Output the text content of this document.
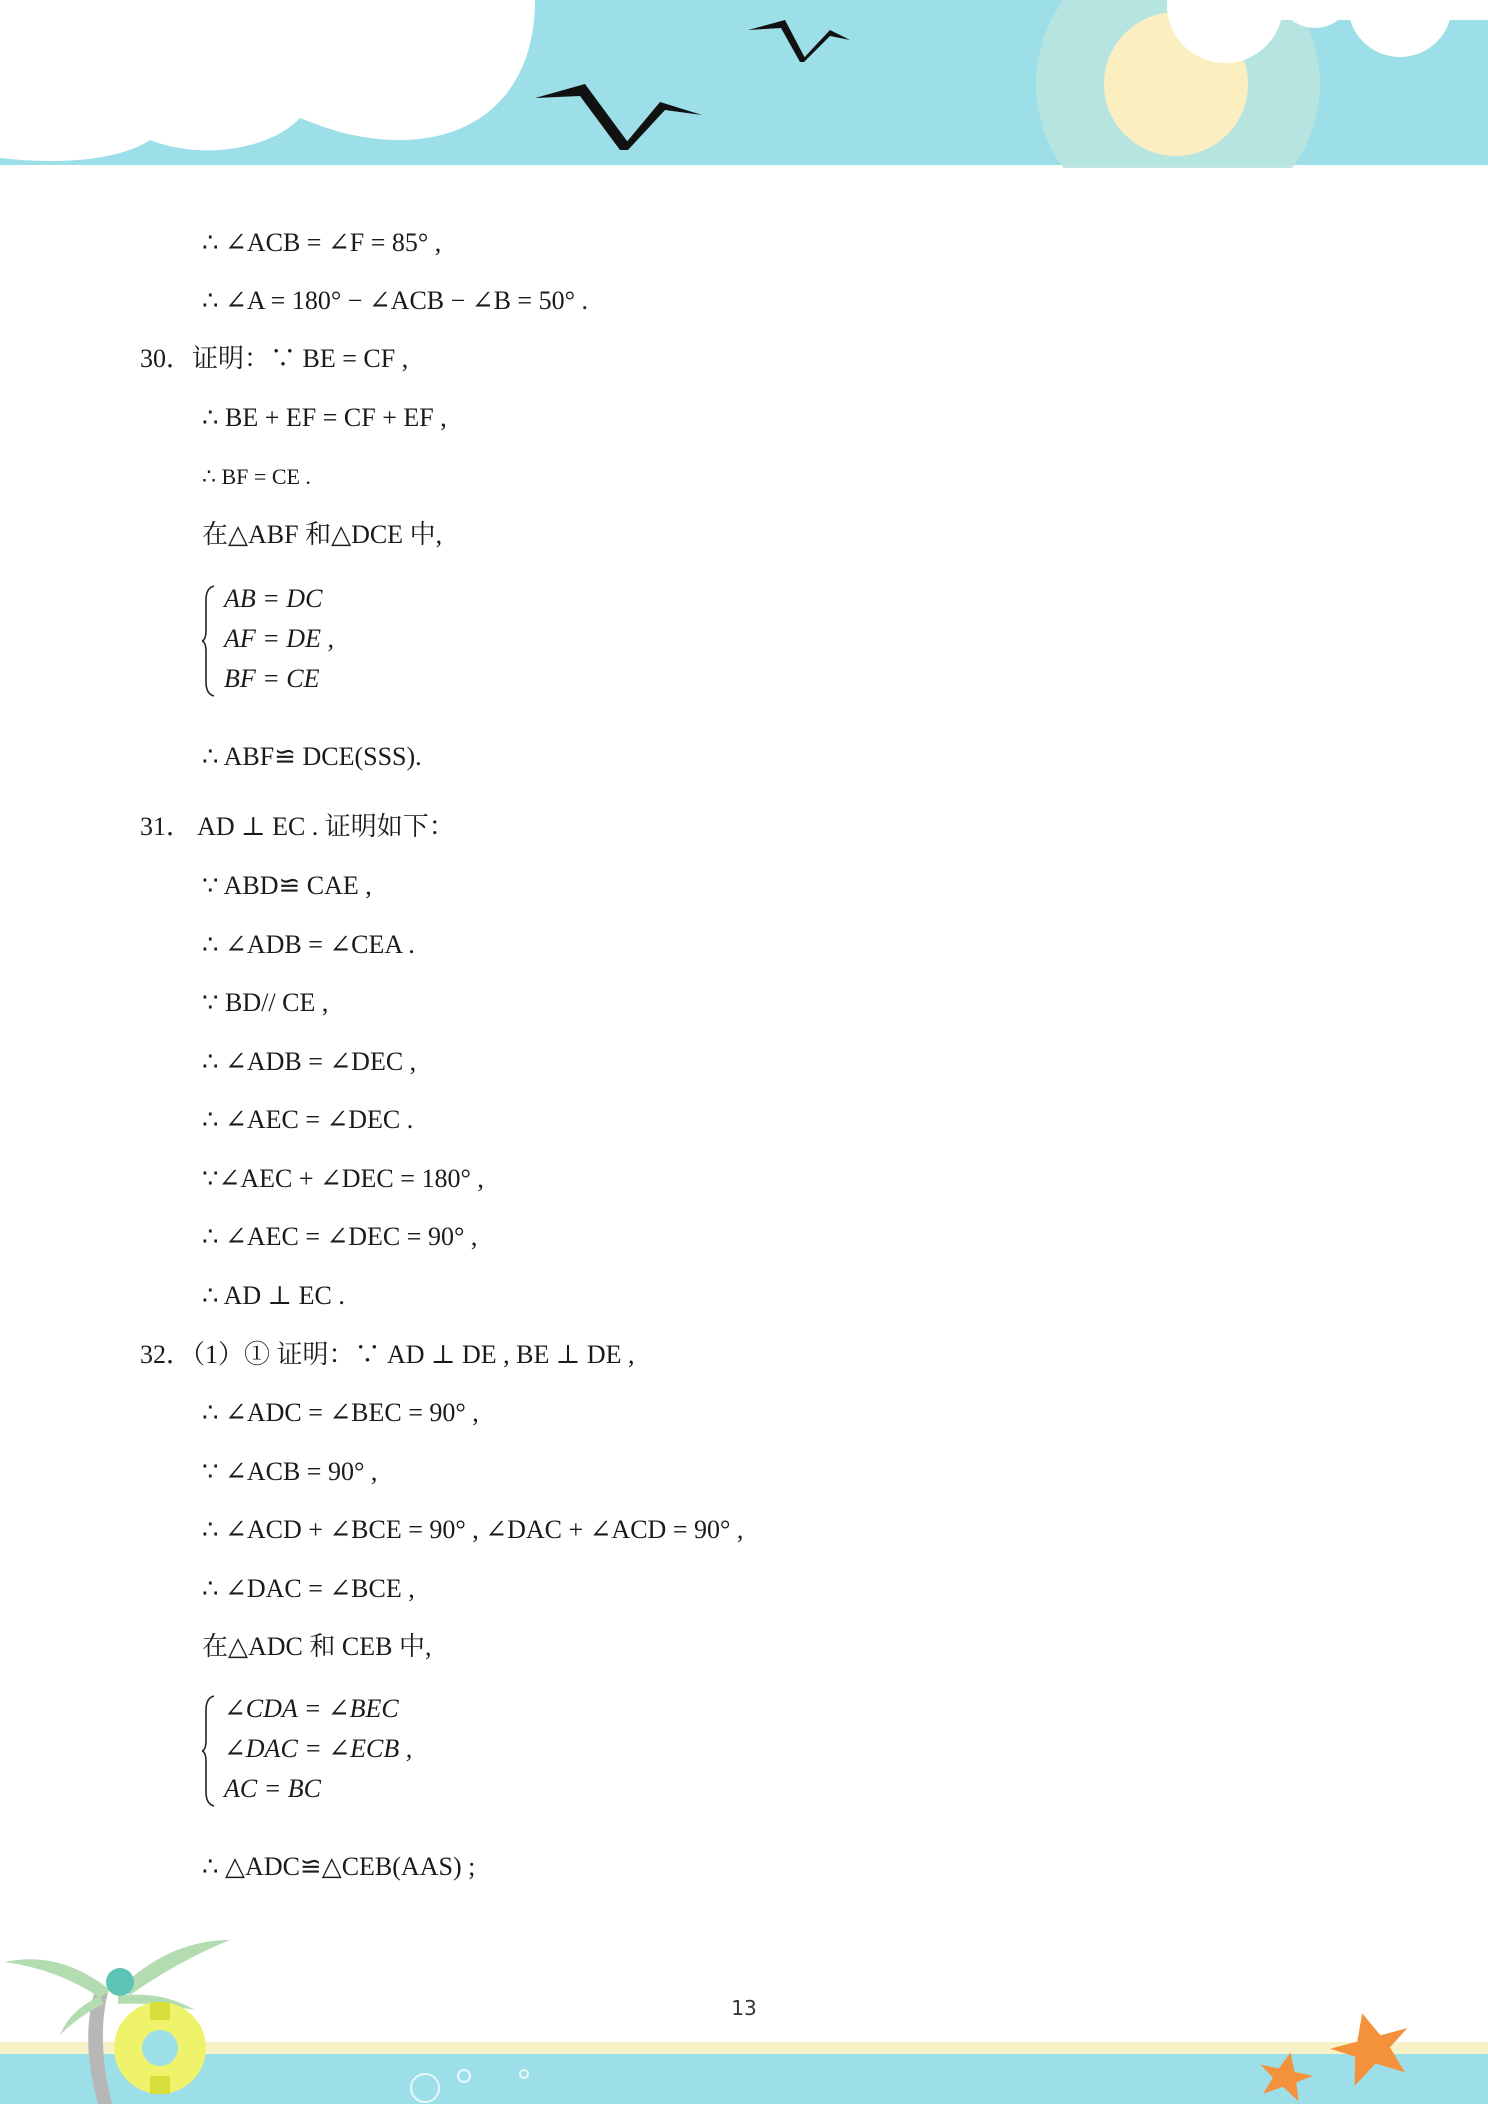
∴ ∠ACB = ∠F = 85° ,
∴ ∠A = 180° − ∠ACB − ∠B = 50° .
30．证明：∵ BE = CF ,
∴ BE + EF = CF + EF ,
∴ BF = CE .
在△ABF 和△DCE 中,
AB = DC
AF = DE ,
BF = CE
∴ ABF≌ DCE(SSS).
31． AD ⊥ EC . 证明如下：
∵ ABD≌ CAE ,
∴ ∠ADB = ∠CEA .
∵ BD// CE ,
∴ ∠ADB = ∠DEC ,
∴ ∠AEC = ∠DEC .
∵∠AEC + ∠DEC = 180° ,
∴ ∠AEC = ∠DEC = 90° ,
∴ AD ⊥ EC .
32．（1）① 证明：∵ AD ⊥ DE , BE ⊥ DE ,
∴ ∠ADC = ∠BEC = 90° ,
∵ ∠ACB = 90° ,
∴ ∠ACD + ∠BCE = 90° , ∠DAC + ∠ACD = 90° ,
∴ ∠DAC = ∠BCE ,
在△ADC 和 CEB 中,
∠CDA = ∠BEC
∠DAC = ∠ECB ,
AC = BC
∴ △ADC≌△CEB(AAS) ;
13
